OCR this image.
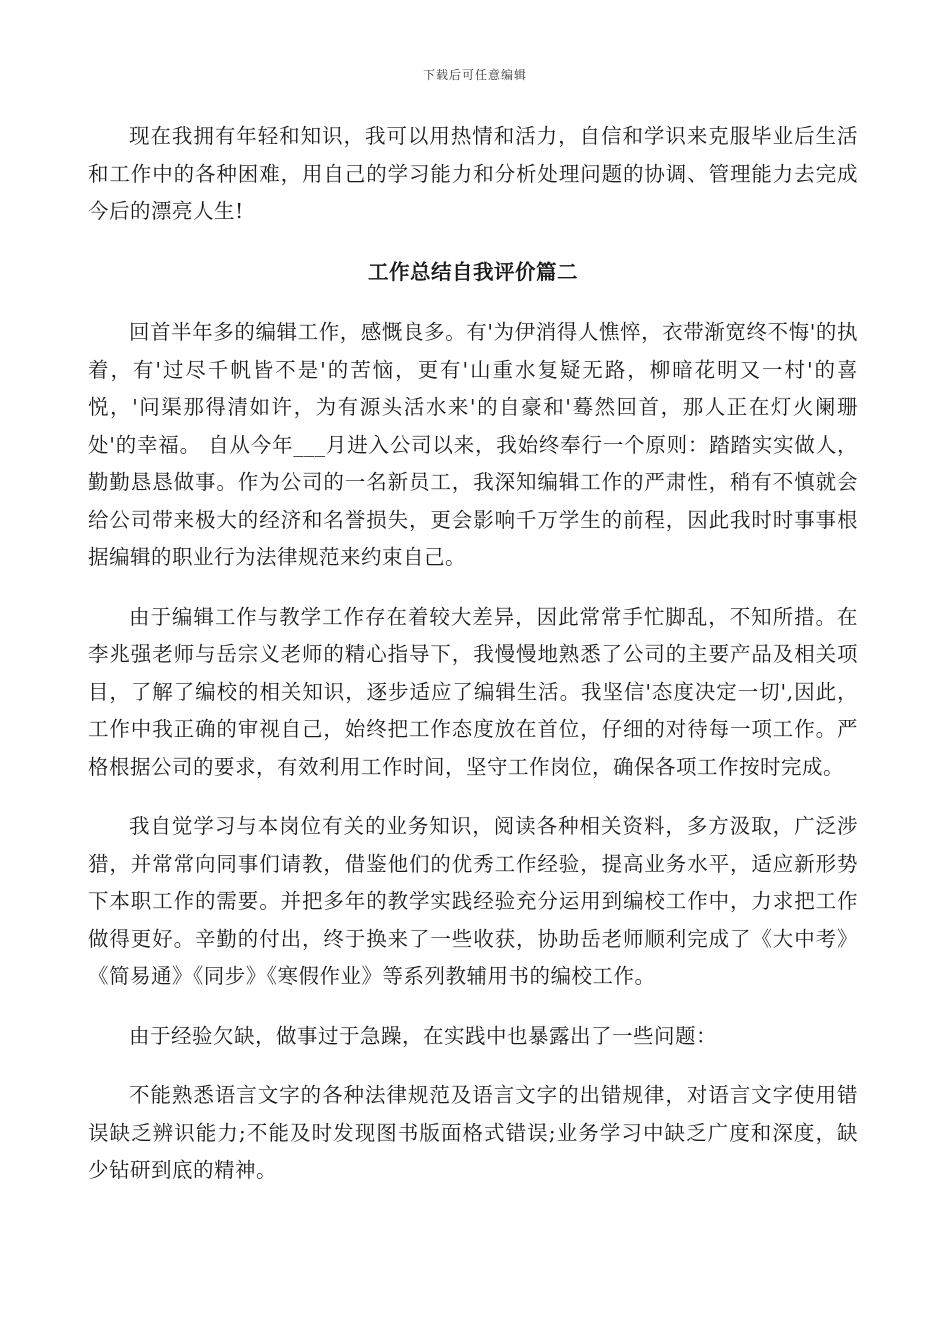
下载后可任意编辑

现在我拥有年轻和知识，我可以用热情和活力，自信和学识来克服毕业后生活和工作中的各种困难，用自己的学习能力和分析处理问题的协调、管理能力去完成今后的漂亮人生!

工作总结自我评价篇二

回首半年多的编辑工作，感慨良多。有'为伊消得人憔悴，衣带渐宽终不悔'的执着，有'过尽千帆皆不是'的苦恼，更有'山重水复疑无路，柳暗花明又一村'的喜悦，'问渠那得清如许，为有源头活水来'的自豪和'蓦然回首，那人正在灯火阑珊处'的幸福。 自从今年___月进入公司以来，我始终奉行一个原则：踏踏实实做人，勤勤恳恳做事。作为公司的一名新员工，我深知编辑工作的严肃性，稍有不慎就会给公司带来极大的经济和名誉损失，更会影响千万学生的前程，因此我时时事事根据编辑的职业行为法律规范来约束自己。

由于编辑工作与教学工作存在着较大差异，因此常常手忙脚乱，不知所措。在李兆强老师与岳宗义老师的精心指导下，我慢慢地熟悉了公司的主要产品及相关项目，了解了编校的相关知识，逐步适应了编辑生活。我坚信'态度决定一切',因此，工作中我正确的审视自己，始终把工作态度放在首位，仔细的对待每一项工作。严格根据公司的要求，有效利用工作时间，坚守工作岗位，确保各项工作按时完成。

我自觉学习与本岗位有关的业务知识，阅读各种相关资料，多方汲取，广泛涉猎，并常常向同事们请教，借鉴他们的优秀工作经验，提高业务水平，适应新形势下本职工作的需要。并把多年的教学实践经验充分运用到编校工作中，力求把工作做得更好。辛勤的付出，终于换来了一些收获，协助岳老师顺利完成了《大中考》《简易通》《同步》《寒假作业》等系列教辅用书的编校工作。

由于经验欠缺，做事过于急躁，在实践中也暴露出了一些问题：

不能熟悉语言文字的各种法律规范及语言文字的出错规律，对语言文字使用错误缺乏辨识能力;不能及时发现图书版面格式错误;业务学习中缺乏广度和深度，缺少钻研到底的精神。
